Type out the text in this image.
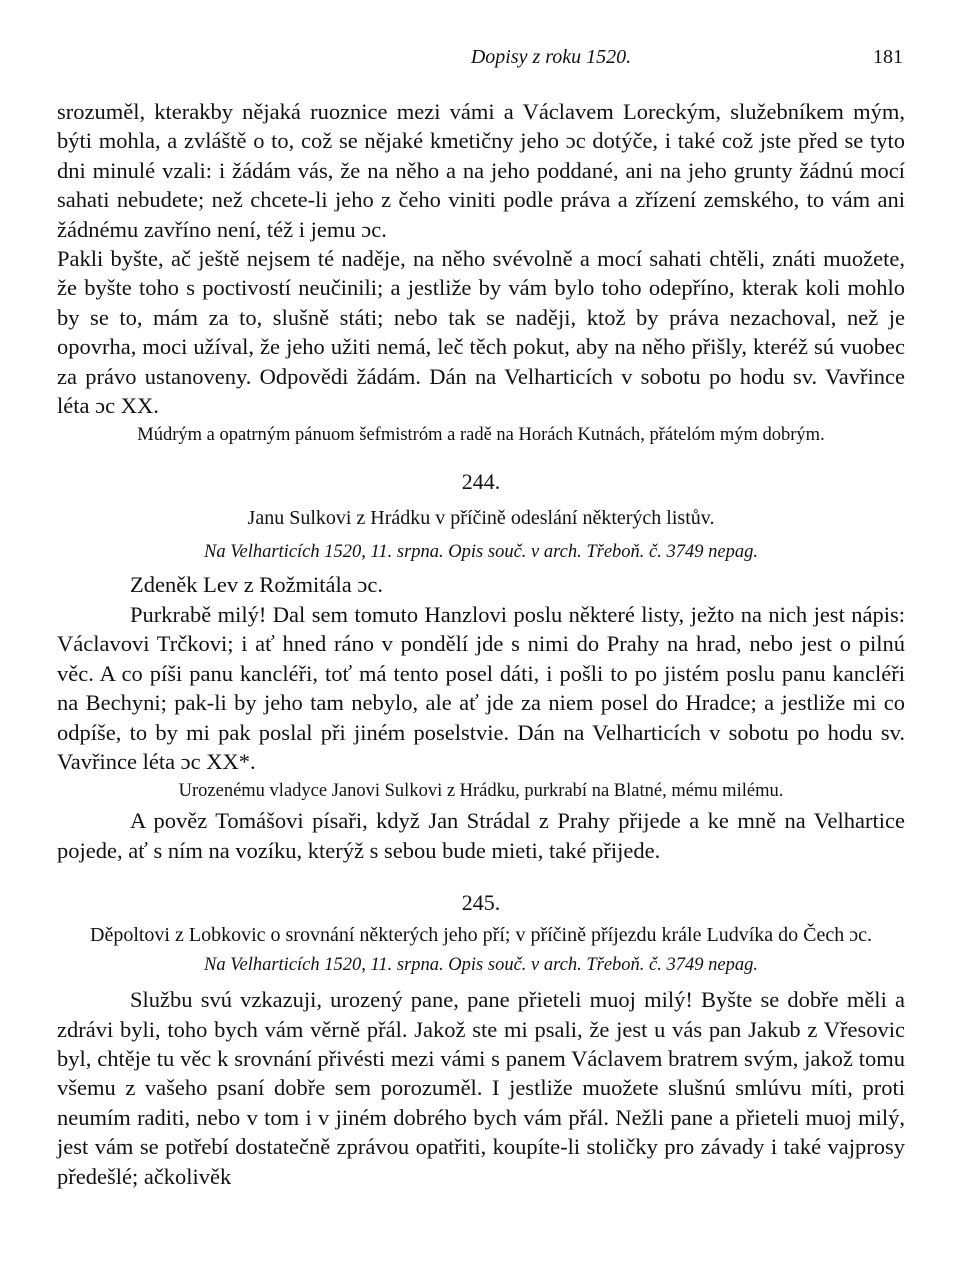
Dopisy z roku 1520.	181

srozuměl, kterakby nějaká ruoznice mezi vámi a Václavem Loreckým, služebníkem mým, býti mohla, a zvláště o to, což se nějaké kmetičny jeho ɔc dotýče, i také což jste před se tyto dni minulé vzali: i žádám vás, že na něho a na jeho poddané, ani na jeho grunty žádnú mocí sahati nebudete; než chcete-li jeho z čeho viniti podle práva a zřízení zemského, to vám ani žádnému zavříno není, též i jemu ɔc.

Pakli byšte, ač ještě nejsem té naděje, na něho svévolně a mocí sahati chtěli, znáti muožete, že byšte toho s poctivostí neučinili; a jestliže by vám bylo toho odepříno, kterak koli mohlo by se to, mám za to, slušně státi; nebo tak se naději, ktož by práva nezachoval, než je opovrha, moci užíval, že jeho užiti nemá, leč těch pokut, aby na něho přišly, kteréž sú vuobec za právo ustanoveny. Odpovědi žádám. Dán na Velharticích v sobotu po hodu sv. Vavřince léta ɔc XX.

Múdrým a opatrným pánuom šefmistróm a radě na Horách Kutnách, přátelóm mým dobrým.
244.
Janu Sulkovi z Hrádku v příčině odeslání některých listův.
Na Velharticích 1520, 11. srpna. Opis souč. v arch. Třeboň. č. 3749 nepag.
Zdeněk Lev z Rožmitála ɔc.

Purkrabě milý! Dal sem tomuto Hanzlovi poslu některé listy, ježto na nich jest nápis: Václavovi Trčkovi; i ať hned ráno v pondělí jde s nimi do Prahy na hrad, nebo jest o pilnú věc. A co píši panu kancléři, toť má tento posel dáti, i pošli to po jistém poslu panu kancléři na Bechyni; pak-li by jeho tam nebylo, ale ať jde za niem posel do Hradce; a jestliže mi co odpíše, to by mi pak poslal při jiném poselstvie. Dán na Velharticích v sobotu po hodu sv. Vavřince léta ɔc XX*.

Urozenému vladyce Janovi Sulkovi z Hrádku, purkrabí na Blatné, mému milému.

A pověz Tomášovi písaři, když Jan Strádal z Prahy přijede a ke mně na Velhartice pojede, ať s ním na vozíku, kterýž s sebou bude mieti, také přijede.

245.
Děpoltovi z Lobkovic o srovnání některých jeho pří; v příčině příjezdu krále Ludvíka do Čech ɔc.
Na Velharticích 1520, 11. srpna. Opis souč. v arch. Třeboň. č. 3749 nepag.

Službu svú vzkazuji, urozený pane, pane přieteli muoj milý! Byšte se dobře měli a zdrávi byli, toho bych vám věrně přál. Jakož ste mi psali, že jest u vás pan Jakub z Vřesovic byl, chtěje tu věc k srovnání přivésti mezi vámi s panem Václavem bratrem svým, jakož tomu všemu z vašeho psaní dobře sem porozuměl. I jestliže muožete slušnú smlúvu míti, proti neumím raditi, nebo v tom i v jiném dobrého bych vám přál. Nežli pane a přieteli muoj milý, jest vám se potřebí dostatečně zprávou opatřiti, koupíte-li stoličky pro závady i také vajprosy předešlé; ačkolivěk
